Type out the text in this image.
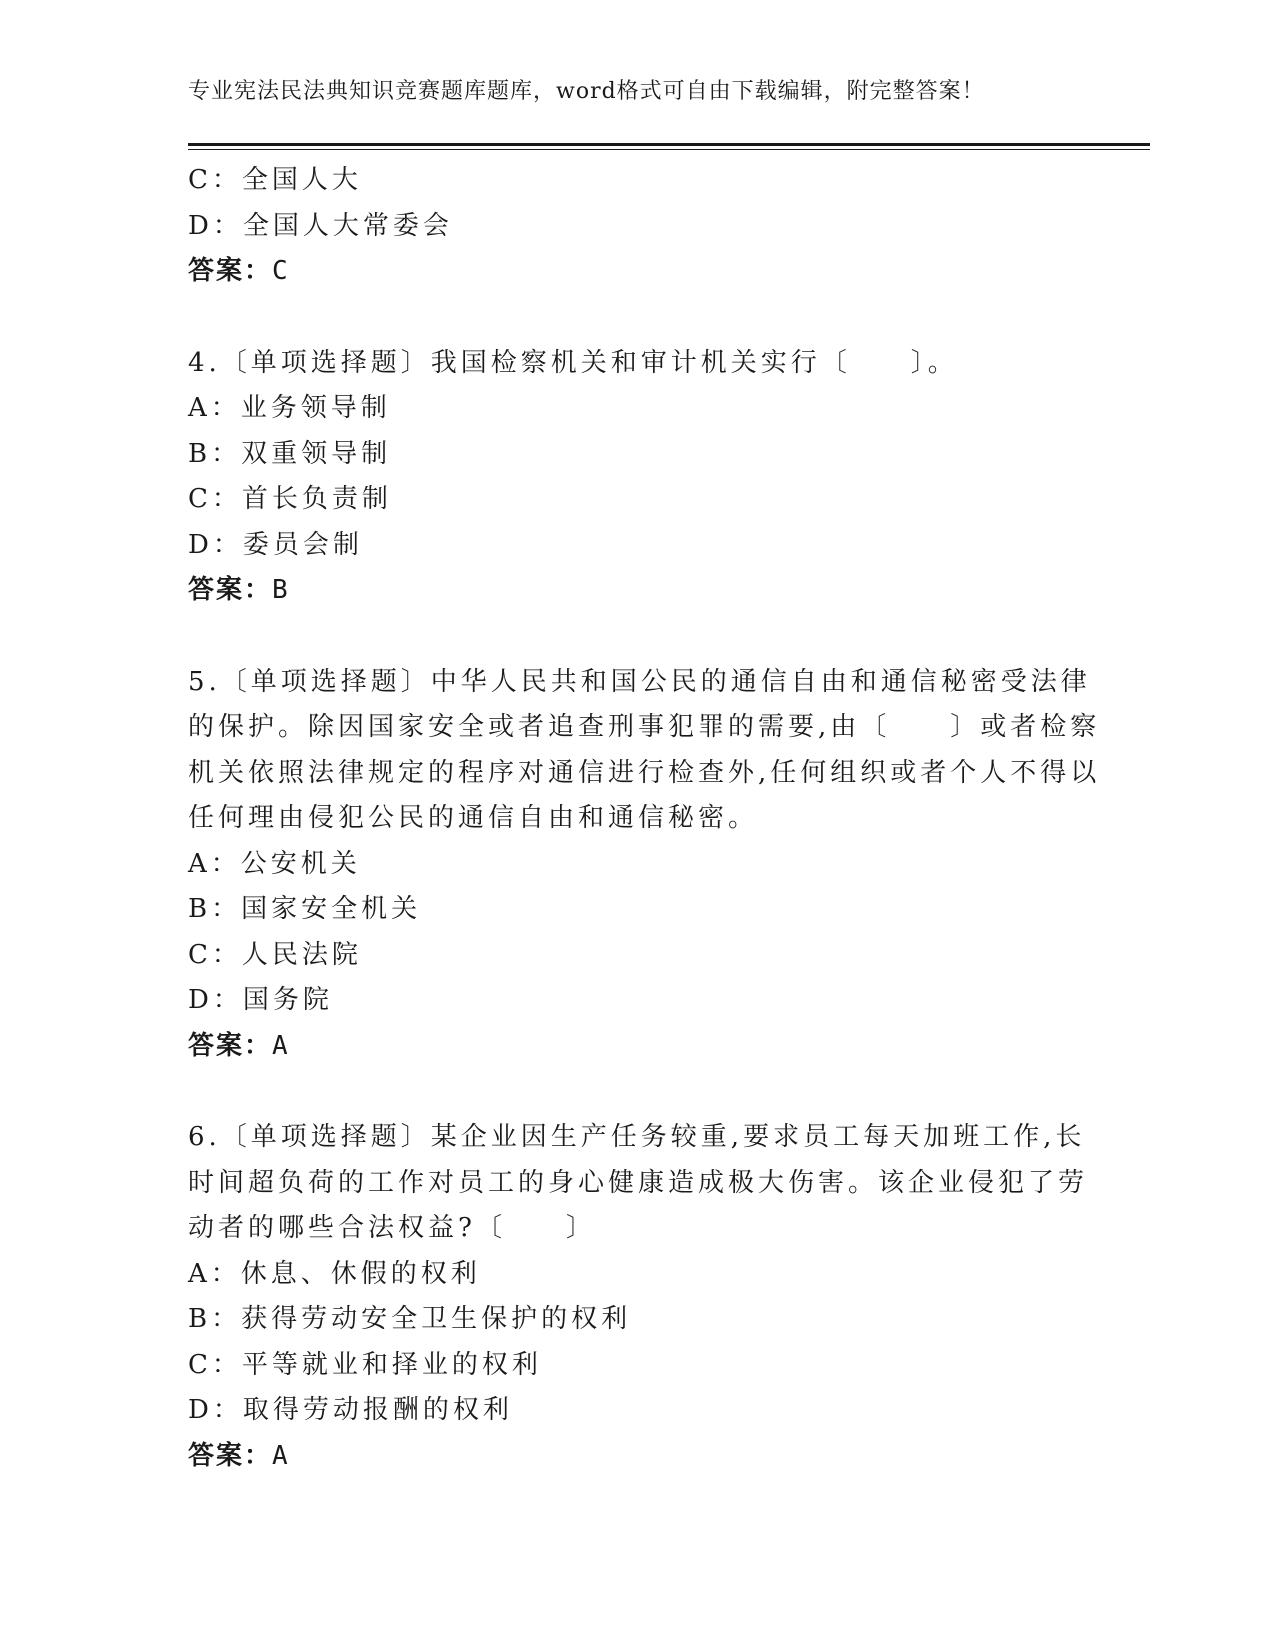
专业宪法民法典知识竞赛题库题库，word格式可自由下载编辑，附完整答案！

C：全国人大

D：全国人大常委会

答案：C

4.〔单项选择题〕我国检察机关和审计机关实行〔　　〕。

A：业务领导制

B：双重领导制

C：首长负责制

D：委员会制

答案：B

5.〔单项选择题〕中华人民共和国公民的通信自由和通信秘密受法律

的保护。除因国家安全或者追查刑事犯罪的需要,由〔　　〕或者检察

机关依照法律规定的程序对通信进行检查外,任何组织或者个人不得以

任何理由侵犯公民的通信自由和通信秘密。

A：公安机关

B：国家安全机关

C：人民法院

D：国务院

答案：A

6.〔单项选择题〕某企业因生产任务较重,要求员工每天加班工作,长

时间超负荷的工作对员工的身心健康造成极大伤害。该企业侵犯了劳

动者的哪些合法权益?〔　　〕

A：休息、休假的权利

B：获得劳动安全卫生保护的权利

C：平等就业和择业的权利

D：取得劳动报酬的权利

答案：A
